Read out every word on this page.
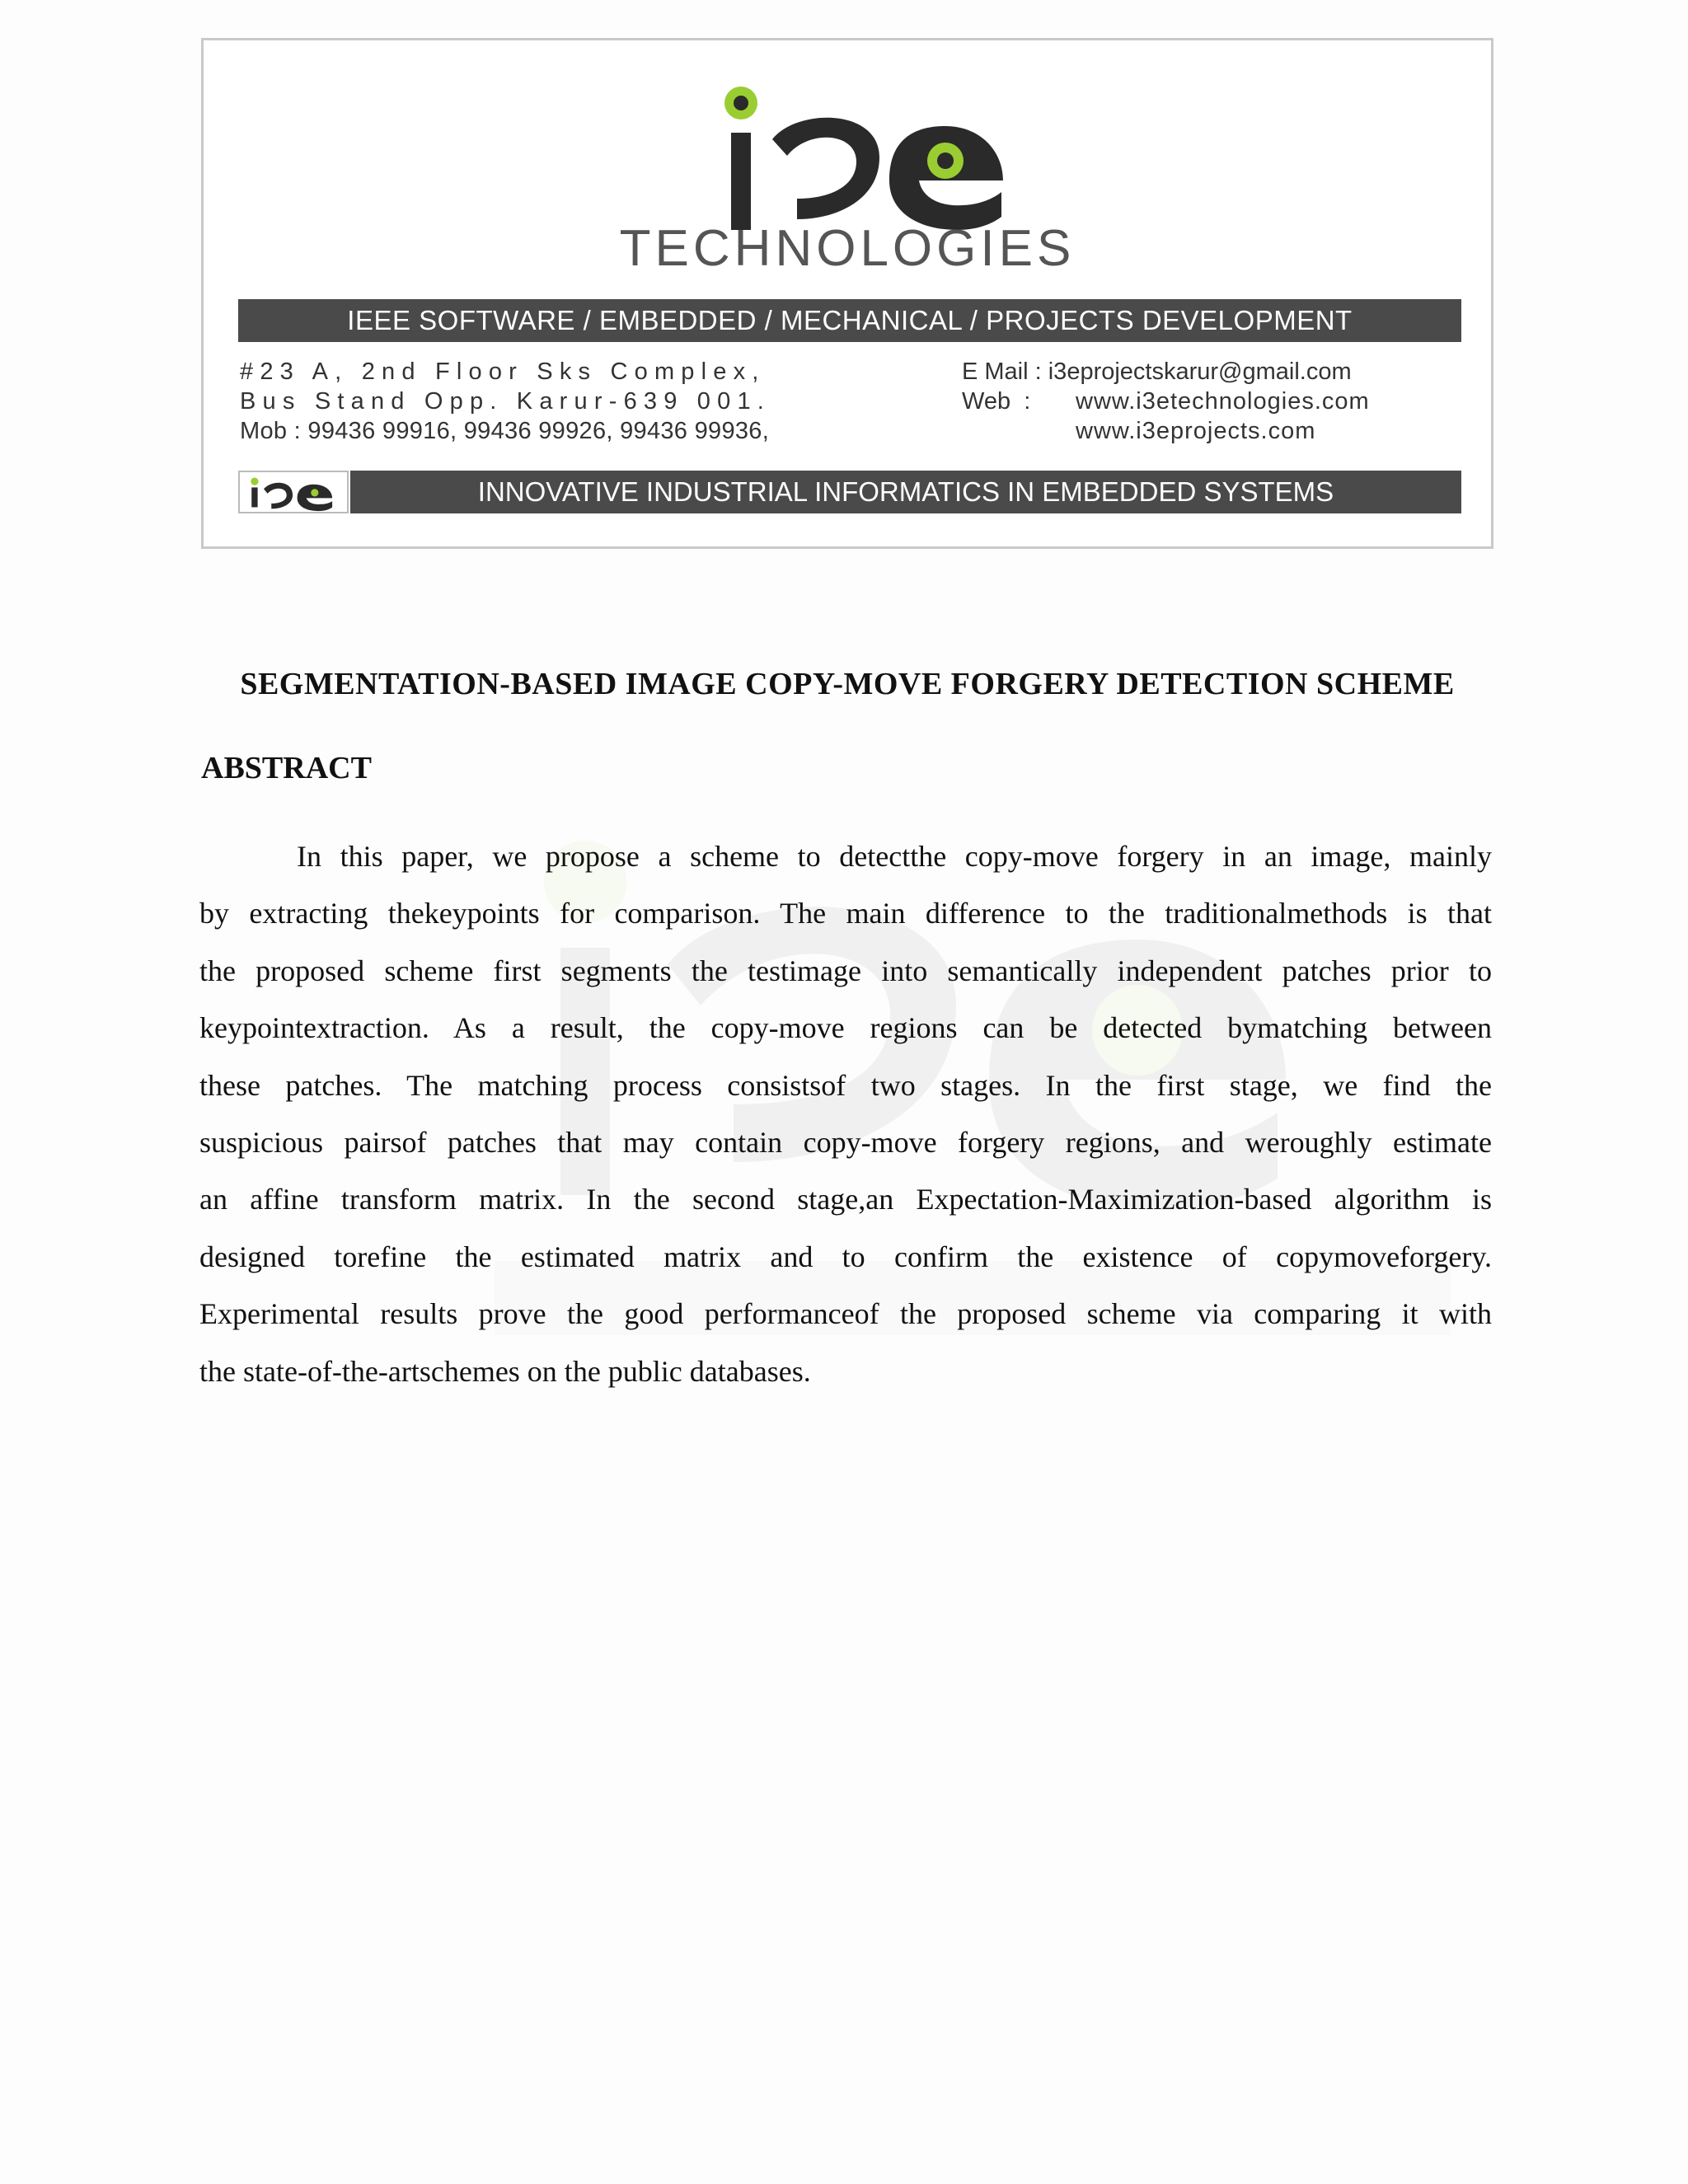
TECHNOLOGIES
IEEE SOFTWARE / EMBEDDED / MECHANICAL / PROJECTS DEVELOPMENT
#23 A, 2nd Floor Sks Complex,
Bus Stand Opp. Karur-639 001.
Mob : 99436 99916, 99436 99926, 99436 99936,
E Mail : i3eprojectskarur@gmail.com
Web  : www.i3etechnologies.com
www.i3eprojects.com
INNOVATIVE INDUSTRIAL INFORMATICS IN EMBEDDED SYSTEMS
SEGMENTATION-BASED IMAGE COPY-MOVE FORGERY DETECTION SCHEME
ABSTRACT

In this paper, we propose a scheme to detectthe copy-move forgery in an image, mainly
by extracting thekeypoints for comparison. The main difference to the traditionalmethods is that
the proposed scheme first segments the testimage into semantically independent patches prior to
keypointextraction. As a result, the copy-move regions can be detected bymatching between
these patches. The matching process consistsof two stages. In the first stage, we find the
suspicious pairsof patches that may contain copy-move forgery regions, and weroughly estimate
an affine transform matrix. In the second stage,an Expectation-Maximization-based algorithm is
designed torefine the estimated matrix and to confirm the existence of copymoveforgery.
Experimental results prove the good performanceof the proposed scheme via comparing it with
the state-of-the-artschemes on the public databases.
